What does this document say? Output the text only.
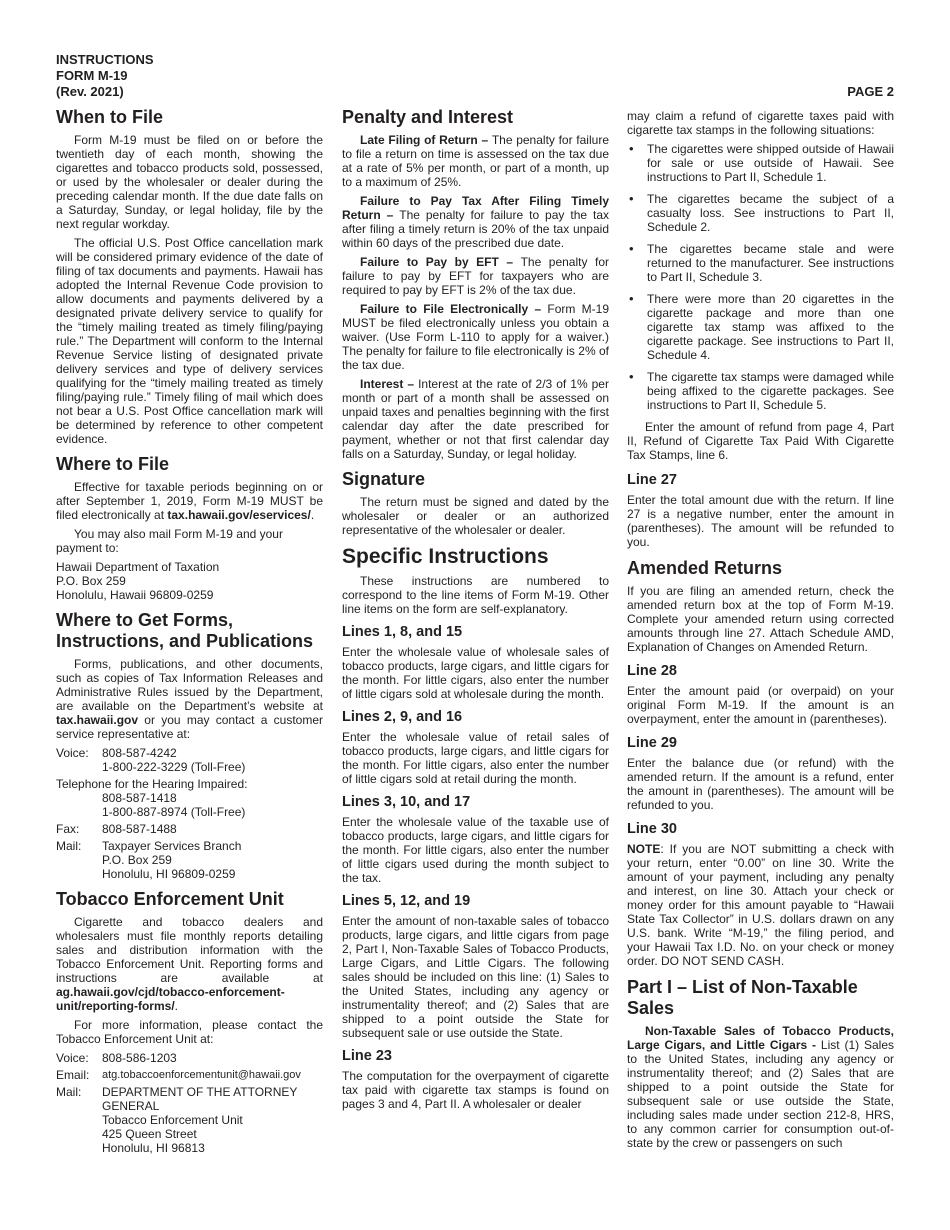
INSTRUCTIONS
FORM M-19
(Rev. 2021)	PAGE 2
When to File

Form M-19 must be filed on or before the twentieth day of each month, showing the cigarettes and tobacco products sold, possessed, or used by the wholesaler or dealer during the preceding calendar month. If the due date falls on a Saturday, Sunday, or legal holiday, file by the next regular workday.

The official U.S. Post Office cancellation mark will be considered primary evidence of the date of filing of tax documents and payments. Hawaii has adopted the Internal Revenue Code provision to allow documents and payments delivered by a designated private delivery service to qualify for the “timely mailing treated as timely filing/paying rule.” The Department will conform to the Internal Revenue Service listing of designated private delivery services and type of delivery services qualifying for the “timely mailing treated as timely filing/paying rule.” Timely filing of mail which does not bear a U.S. Post Office cancellation mark will be determined by reference to other competent evidence.

Where to File

Effective for taxable periods beginning on or after September 1, 2019, Form M-19 MUST be filed electronically at tax.hawaii.gov/eservices/.

You may also mail Form M-19 and your payment to:

Hawaii Department of Taxation
P.O. Box 259
Honolulu, Hawaii 96809-0259
Where to Get Forms, Instructions, and Publications

Forms, publications, and other documents, such as copies of Tax Information Releases and Administrative Rules issued by the Department, are available on the Department’s website at tax.hawaii.gov or you may contact a customer service representative at:

Voice:	808-587-4242
1-800-222-3229 (Toll-Free)
Telephone for the Hearing Impaired:
808-587-1418
1-800-887-8974 (Toll-Free)
Fax:	808-587-1488
Mail:	Taxpayer Services Branch
P.O. Box 259
Honolulu, HI 96809-0259
Tobacco Enforcement Unit

Cigarette and tobacco dealers and wholesalers must file monthly reports detailing sales and distribution information with the Tobacco Enforcement Unit. Reporting forms and instructions are available at ag.hawaii.gov/cjd/tobacco-enforcement-unit/reporting-forms/.

For more information, please contact the Tobacco Enforcement Unit at:

Voice:	808-586-1203
Email:	atg.tobaccoenforcementunit@hawaii.gov
Mail:	DEPARTMENT OF THE ATTORNEY GENERAL
Tobacco Enforcement Unit
425 Queen Street
Honolulu, HI 96813
Penalty and Interest

Late Filing of Return – The penalty for failure to file a return on time is assessed on the tax due at a rate of 5% per month, or part of a month, up to a maximum of 25%.

Failure to Pay Tax After Filing Timely Return – The penalty for failure to pay the tax after filing a timely return is 20% of the tax unpaid within 60 days of the prescribed due date.

Failure to Pay by EFT – The penalty for failure to pay by EFT for taxpayers who are required to pay by EFT is 2% of the tax due.

Failure to File Electronically – Form M-19 MUST be filed electronically unless you obtain a waiver. (Use Form L-110 to apply for a waiver.) The penalty for failure to file electronically is 2% of the tax due.

Interest – Interest at the rate of 2/3 of 1% per month or part of a month shall be assessed on unpaid taxes and penalties beginning with the first calendar day after the date prescribed for payment, whether or not that first calendar day falls on a Saturday, Sunday, or legal holiday.

Signature

The return must be signed and dated by the wholesaler or dealer or an authorized representative of the wholesaler or dealer.

Specific Instructions

These instructions are numbered to correspond to the line items of Form M-19. Other line items on the form are self-explanatory.

Lines 1, 8, and 15

Enter the wholesale value of wholesale sales of tobacco products, large cigars, and little cigars for the month. For little cigars, also enter the number of little cigars sold at wholesale during the month.

Lines 2, 9, and 16

Enter the wholesale value of retail sales of tobacco products, large cigars, and little cigars for the month. For little cigars, also enter the number of little cigars sold at retail during the month.

Lines 3, 10, and 17

Enter the wholesale value of the taxable use of tobacco products, large cigars, and little cigars for the month. For little cigars, also enter the number of little cigars used during the month subject to the tax.

Lines 5, 12, and 19

Enter the amount of non-taxable sales of tobacco products, large cigars, and little cigars from page 2, Part I, Non-Taxable Sales of Tobacco Products, Large Cigars, and Little Cigars. The following sales should be included on this line: (1) Sales to the United States, including any agency or instrumentality thereof; and (2) Sales that are shipped to a point outside the State for subsequent sale or use outside the State.

Line 23

The computation for the overpayment of cigarette tax paid with cigarette tax stamps is found on pages 3 and 4, Part II. A wholesaler or dealer

may claim a refund of cigarette taxes paid with cigarette tax stamps in the following situations:

• The cigarettes were shipped outside of Hawaii for sale or use outside of Hawaii. See instructions to Part II, Schedule 1.
• The cigarettes became the subject of a casualty loss. See instructions to Part II, Schedule 2.
• The cigarettes became stale and were returned to the manufacturer. See instructions to Part II, Schedule 3.
• There were more than 20 cigarettes in the cigarette package and more than one cigarette tax stamp was affixed to the cigarette package. See instructions to Part II, Schedule 4.
• The cigarette tax stamps were damaged while being affixed to the cigarette packages. See instructions to Part II, Schedule 5.

Enter the amount of refund from page 4, Part II, Refund of Cigarette Tax Paid With Cigarette Tax Stamps, line 6.

Line 27

Enter the total amount due with the return. If line 27 is a negative number, enter the amount in (parentheses). The amount will be refunded to you.

Amended Returns

If you are filing an amended return, check the amended return box at the top of Form M-19. Complete your amended return using corrected amounts through line 27. Attach Schedule AMD, Explanation of Changes on Amended Return.

Line 28

Enter the amount paid (or overpaid) on your original Form M-19. If the amount is an overpayment, enter the amount in (parentheses).

Line 29

Enter the balance due (or refund) with the amended return. If the amount is a refund, enter the amount in (parentheses). The amount will be refunded to you.

Line 30

NOTE: If you are NOT submitting a check with your return, enter “0.00” on line 30. Write the amount of your payment, including any penalty and interest, on line 30. Attach your check or money order for this amount payable to “Hawaii State Tax Collector” in U.S. dollars drawn on any U.S. bank. Write “M-19,” the filing period, and your Hawaii Tax I.D. No. on your check or money order. DO NOT SEND CASH.

Part I – List of Non-Taxable Sales

Non-Taxable Sales of Tobacco Products, Large Cigars, and Little Cigars - List (1) Sales to the United States, including any agency or instrumentality thereof; and (2) Sales that are shipped to a point outside the State for subsequent sale or use outside the State, including sales made under section 212-8, HRS, to any common carrier for consumption out-of-state by the crew or passengers on such
